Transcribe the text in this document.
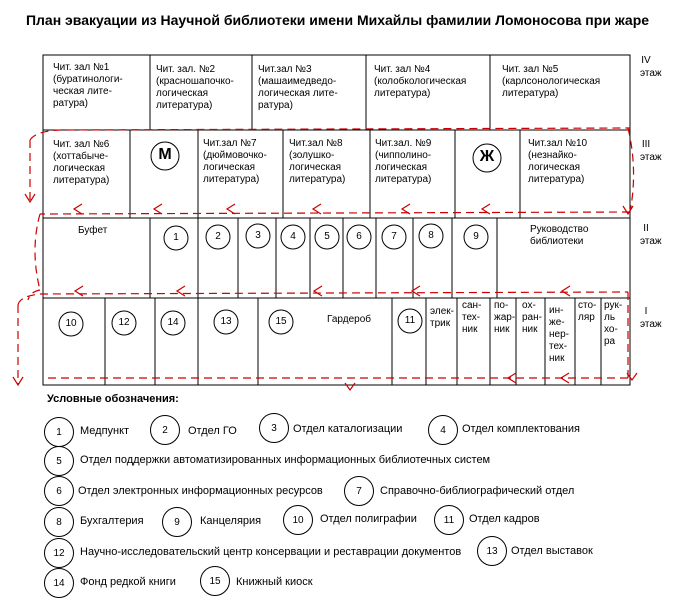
План эвакуации из Научной библиотеки имени Михайлы фамилии Ломоносова при жаре
IV этаж
III этаж
II этаж
I этаж
Чит. зал №1
(буратинологи-ческая лите-ратура)
Чит. зал. №2
(красношапочко-логическая литература)
Чит.зал №3
(машаимедведо-логическая лите-ратура)
Чит. зал №4
(колобкологическая литература)
Чит. зал №5
(карлсонологическая литература)
Чит. зал №6
(хоттабыче-логическая литература)
Чит.зал №7
(дюймовочко-логическая литература)
Чит.зал №8
(золушко-логическая литература)
Чит.зал. №9
(чипполино-логическая литература)
Чит.зал №10
(незнайко-логическая литература)
М	Ж
Буфет	Руководство библиотеки
1	2	3	4	5	6	7	8	9
10	12	14	13	15	11
Гардероб
элек-трик
сан-тех-ник
по-жар-ник
ох-ран-ник
ин-же-нер-тех-ник
сто-ляр
рук-ль хо-ра
Условные обозначения:
1	Медпункт	2	Отдел ГО	3	Отдел каталогизации	4	Отдел комплектования
5	Отдел поддержки автоматизированных информационных библиотечных систем
6	Отдел электронных информационных ресурсов	7	Справочно-библиографический отдел
8	Бухгалтерия	9	Канцелярия	10	Отдел полиграфии	11	Отдел кадров
12	Научно-исследовательский центр консервации и реставрации документов	13	Отдел выставок
14	Фонд редкой книги	15	Книжный киоск
